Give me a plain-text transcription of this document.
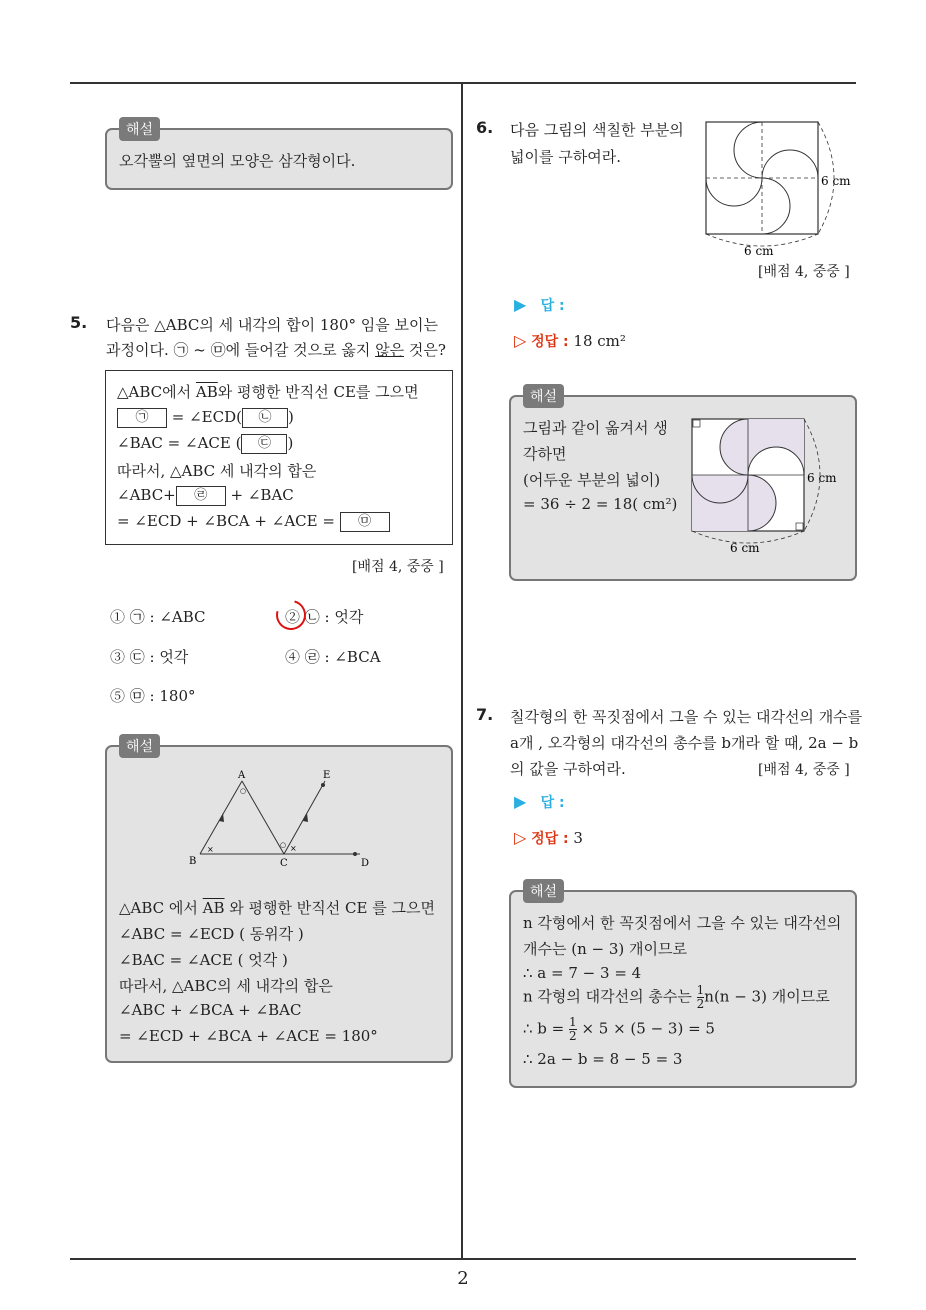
2
오각뿔의 옆면의 모양은 삼각형이다.
해설
5. 다음은 △ABC의 세 내각의 합이 180° 임을 보이는
과정이다. ㉠ ~ ㉤에 들어갈 것으로 옳지 않은 것은?
△ABC에서 $\overline{AB}$와 평행한 반직선 CE를 그으면
㉠ = ∠ECD( ㉡ )
∠BAC = ∠ACE ( ㉢ )
따라서, △ABC 세 내각의 합은
∠ABC+ ㉣ + ∠BAC
= ∠ECD + ∠BCA + ∠ACE = ㉤
[배점 4, 중중 ]
① ㉠ : ∠ABC	② ㉡ : 엇각
③ ㉢ : 엇각	④ ㉣ : ∠BCA
⑤ ㉤ : 180°
×	×
○
○
A
B	C	D
E
△ABC 에서 $\overline{AB}$ 와 평행한 반직선 CE 를 그으면
∠ABC = ∠ECD ( 동위각 )
∠BAC = ∠ACE ( 엇각 )
따라서, △ABC의 세 내각의 합은
∠ABC + ∠BCA + ∠BAC
= ∠ECD + ∠BCA + ∠ACE = 180°
해설
6. 다음 그림의 색칠한 부분의
넓이를 구하여라.
6 cm
6 cm
[배점 4, 중중 ]
▶ 답 :
▷ 정답 : 18 cm²
그림과 같이 옮겨서 생
각하면
(어두운 부분의 넓이)
= 36 ÷ 2 = 18( cm²)
6 cm
6 cm
해설
7. 칠각형의 한 꼭짓점에서 그을 수 있는 대각선의 개수를
a개 , 오각형의 대각선의 총수를 b개라 할 때, 2a − b
의 값을 구하여라.	[배점 4, 중중 ]
▶ 답 :
▷ 정답 : 3
n 각형에서 한 꼭짓점에서 그을 수 있는 대각선의
개수는 (n − 3) 개이므로
∴ a = 7 − 3 = 4
n 각형의 대각선의 총수는 $\frac{1}{2} n(n - 3)$ 개이므로
∴ $b = \frac{1}{2} \times 5 \times (5 - 3) = 5$
∴ 2a − b = 8 − 5 = 3
해설
